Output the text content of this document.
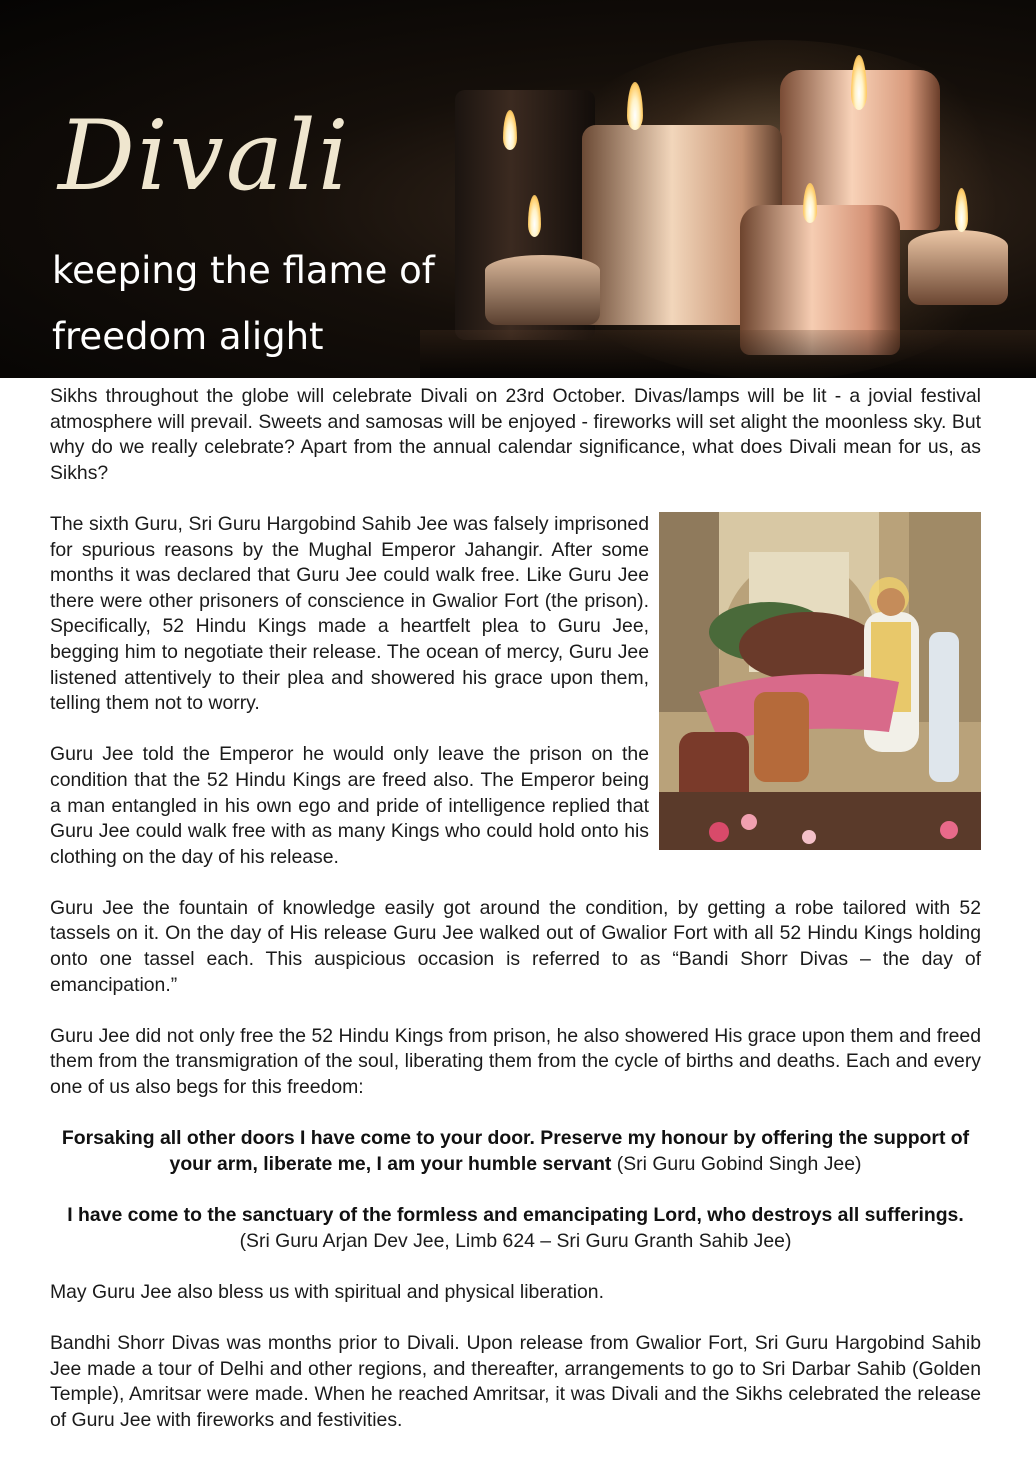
Divali
keeping the flame of freedom alight

Sikhs throughout the globe will celebrate Divali on 23rd October. Divas/lamps will be lit - a jovial festival atmosphere will prevail. Sweets and samosas will be enjoyed - fireworks will set alight the moonless sky. But why do we really celebrate? Apart from the annual calendar significance, what does Divali mean for us, as Sikhs?

The sixth Guru, Sri Guru Hargobind Sahib Jee was falsely imprisoned for spurious reasons by the Mughal Emperor Jahangir. After some months it was declared that Guru Jee could walk free. Like Guru Jee there were other prisoners of conscience in Gwalior Fort (the prison). Specifically, 52 Hindu Kings made a heartfelt plea to Guru Jee, begging him to negotiate their release. The ocean of mercy, Guru Jee listened attentively to their plea and showered his grace upon them, telling them not to worry.

Guru Jee told the Emperor he would only leave the prison on the condition that the 52 Hindu Kings are freed also. The Emperor being a man entangled in his own ego and pride of intelligence replied that Guru Jee could walk free with as many Kings who could hold onto his clothing on the day of his release.

Guru Jee the fountain of knowledge easily got around the condition, by getting a robe tailored with 52 tassels on it. On the day of His release Guru Jee walked out of Gwalior Fort with all 52 Hindu Kings holding onto one tassel each. This auspicious occasion is referred to as “Bandi Shorr Divas – the day of emancipation.”

Guru Jee did not only free the 52 Hindu Kings from prison, he also showered His grace upon them and freed them from the transmigration of the soul, liberating them from the cycle of births and deaths. Each and every one of us also begs for this freedom:

Forsaking all other doors I have come to your door. Preserve my honour by offering the support of your arm, liberate me, I am your humble servant (Sri Guru Gobind Singh Jee)

I have come to the sanctuary of the formless and emancipating Lord, who destroys all sufferings. (Sri Guru Arjan Dev Jee, Limb 624 – Sri Guru Granth Sahib Jee)

May Guru Jee also bless us with spiritual and physical liberation.

Bandhi Shorr Divas was months prior to Divali. Upon release from Gwalior Fort, Sri Guru Hargobind Sahib Jee made a tour of Delhi and other regions, and thereafter, arrangements to go to Sri Darbar Sahib (Golden Temple), Amritsar were made. When he reached Amritsar, it was Divali and the Sikhs celebrated the release of Guru Jee with fireworks and festivities.
